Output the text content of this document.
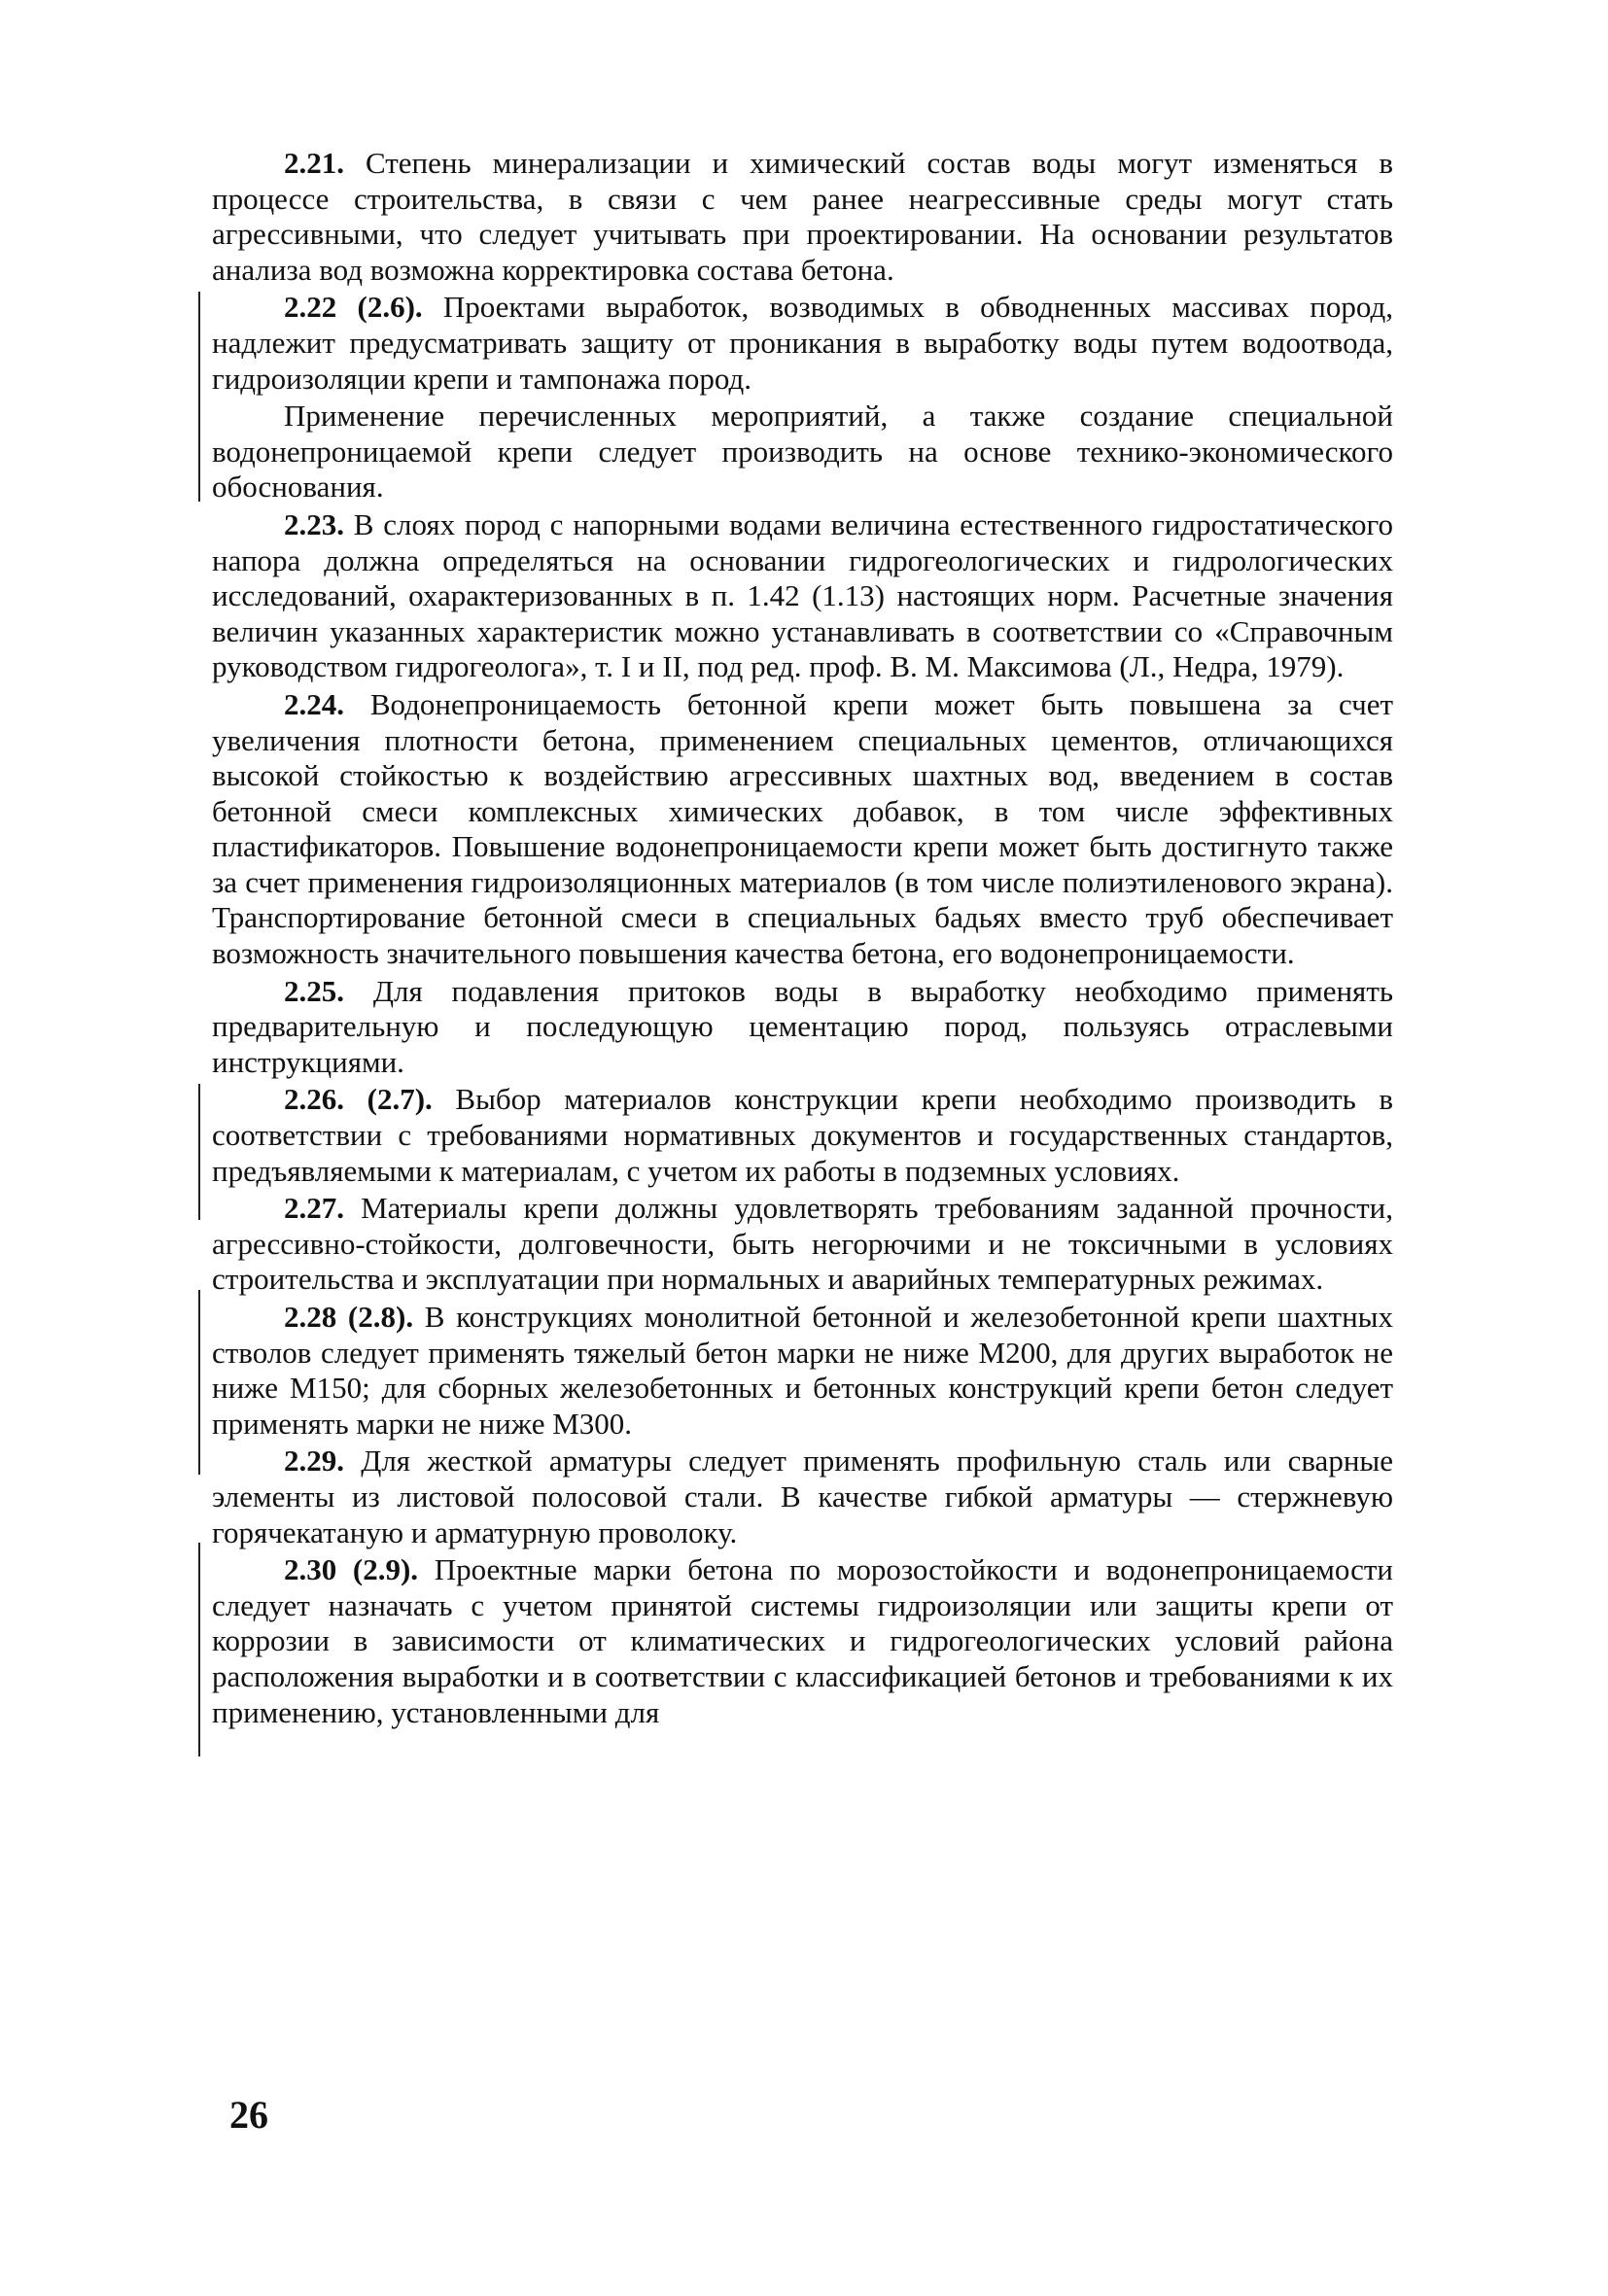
2.21. Степень минерализации и химический состав воды могут изменяться в процессе строительства, в связи с чем ранее неагрессивные среды могут стать агрессивными, что следует учитывать при проектировании. На основании результатов анализа вод возможна корректировка состава бетона.

2.22 (2.6). Проектами выработок, возводимых в обводненных массивах пород, надлежит предусматривать защиту от проникания в выработку воды путем водоотвода, гидроизоляции крепи и тампонажа пород.

Применение перечисленных мероприятий, а также создание специальной водонепроницаемой крепи следует производить на основе технико-экономического обоснования.

2.23. В слоях пород с напорными водами величина естественного гидростатического напора должна определяться на основании гидрогеологических и гидрологических исследований, охарактеризованных в п. 1.42 (1.13) настоящих норм. Расчетные значения величин указанных характеристик можно устанавливать в соответствии со «Справочным руководством гидрогеолога», т. I и II, под ред. проф. В. М. Максимова (Л., Недра, 1979).

2.24. Водонепроницаемость бетонной крепи может быть повышена за счет увеличения плотности бетона, применением специальных цементов, отличающихся высокой стойкостью к воздействию агрессивных шахтных вод, введением в состав бетонной смеси комплексных химических добавок, в том числе эффективных пластификаторов. Повышение водонепроницаемости крепи может быть достигнуто также за счет применения гидроизоляционных материалов (в том числе полиэтиленового экрана). Транспортирование бетонной смеси в специальных бадьях вместо труб обеспечивает возможность значительного повышения качества бетона, его водонепроницаемости.

2.25. Для подавления притоков воды в выработку необходимо применять предварительную и последующую цементацию пород, пользуясь отраслевыми инструкциями.

2.26. (2.7). Выбор материалов конструкции крепи необходимо производить в соответствии с требованиями нормативных документов и государственных стандартов, предъявляемыми к материалам, с учетом их работы в подземных условиях.

2.27. Материалы крепи должны удовлетворять требованиям заданной прочности, агрессивно-стойкости, долговечности, быть негорючими и не токсичными в условиях строительства и эксплуатации при нормальных и аварийных температурных режимах.

2.28 (2.8). В конструкциях монолитной бетонной и железобетонной крепи шахтных стволов следует применять тяжелый бетон марки не ниже М200, для других выработок не ниже М150; для сборных железобетонных и бетонных конструкций крепи бетон следует применять марки не ниже М300.

2.29. Для жесткой арматуры следует применять профильную сталь или сварные элементы из листовой полосовой стали. В качестве гибкой арматуры — стержневую горячекатаную и арматурную проволоку.

2.30 (2.9). Проектные марки бетона по морозостойкости и водонепроницаемости следует назначать с учетом принятой системы гидроизоляции или защиты крепи от коррозии в зависимости от климатических и гидрогеологических условий района расположения выработки и в соответствии с классификацией бетонов и требованиями к их применению, установленными для

26
